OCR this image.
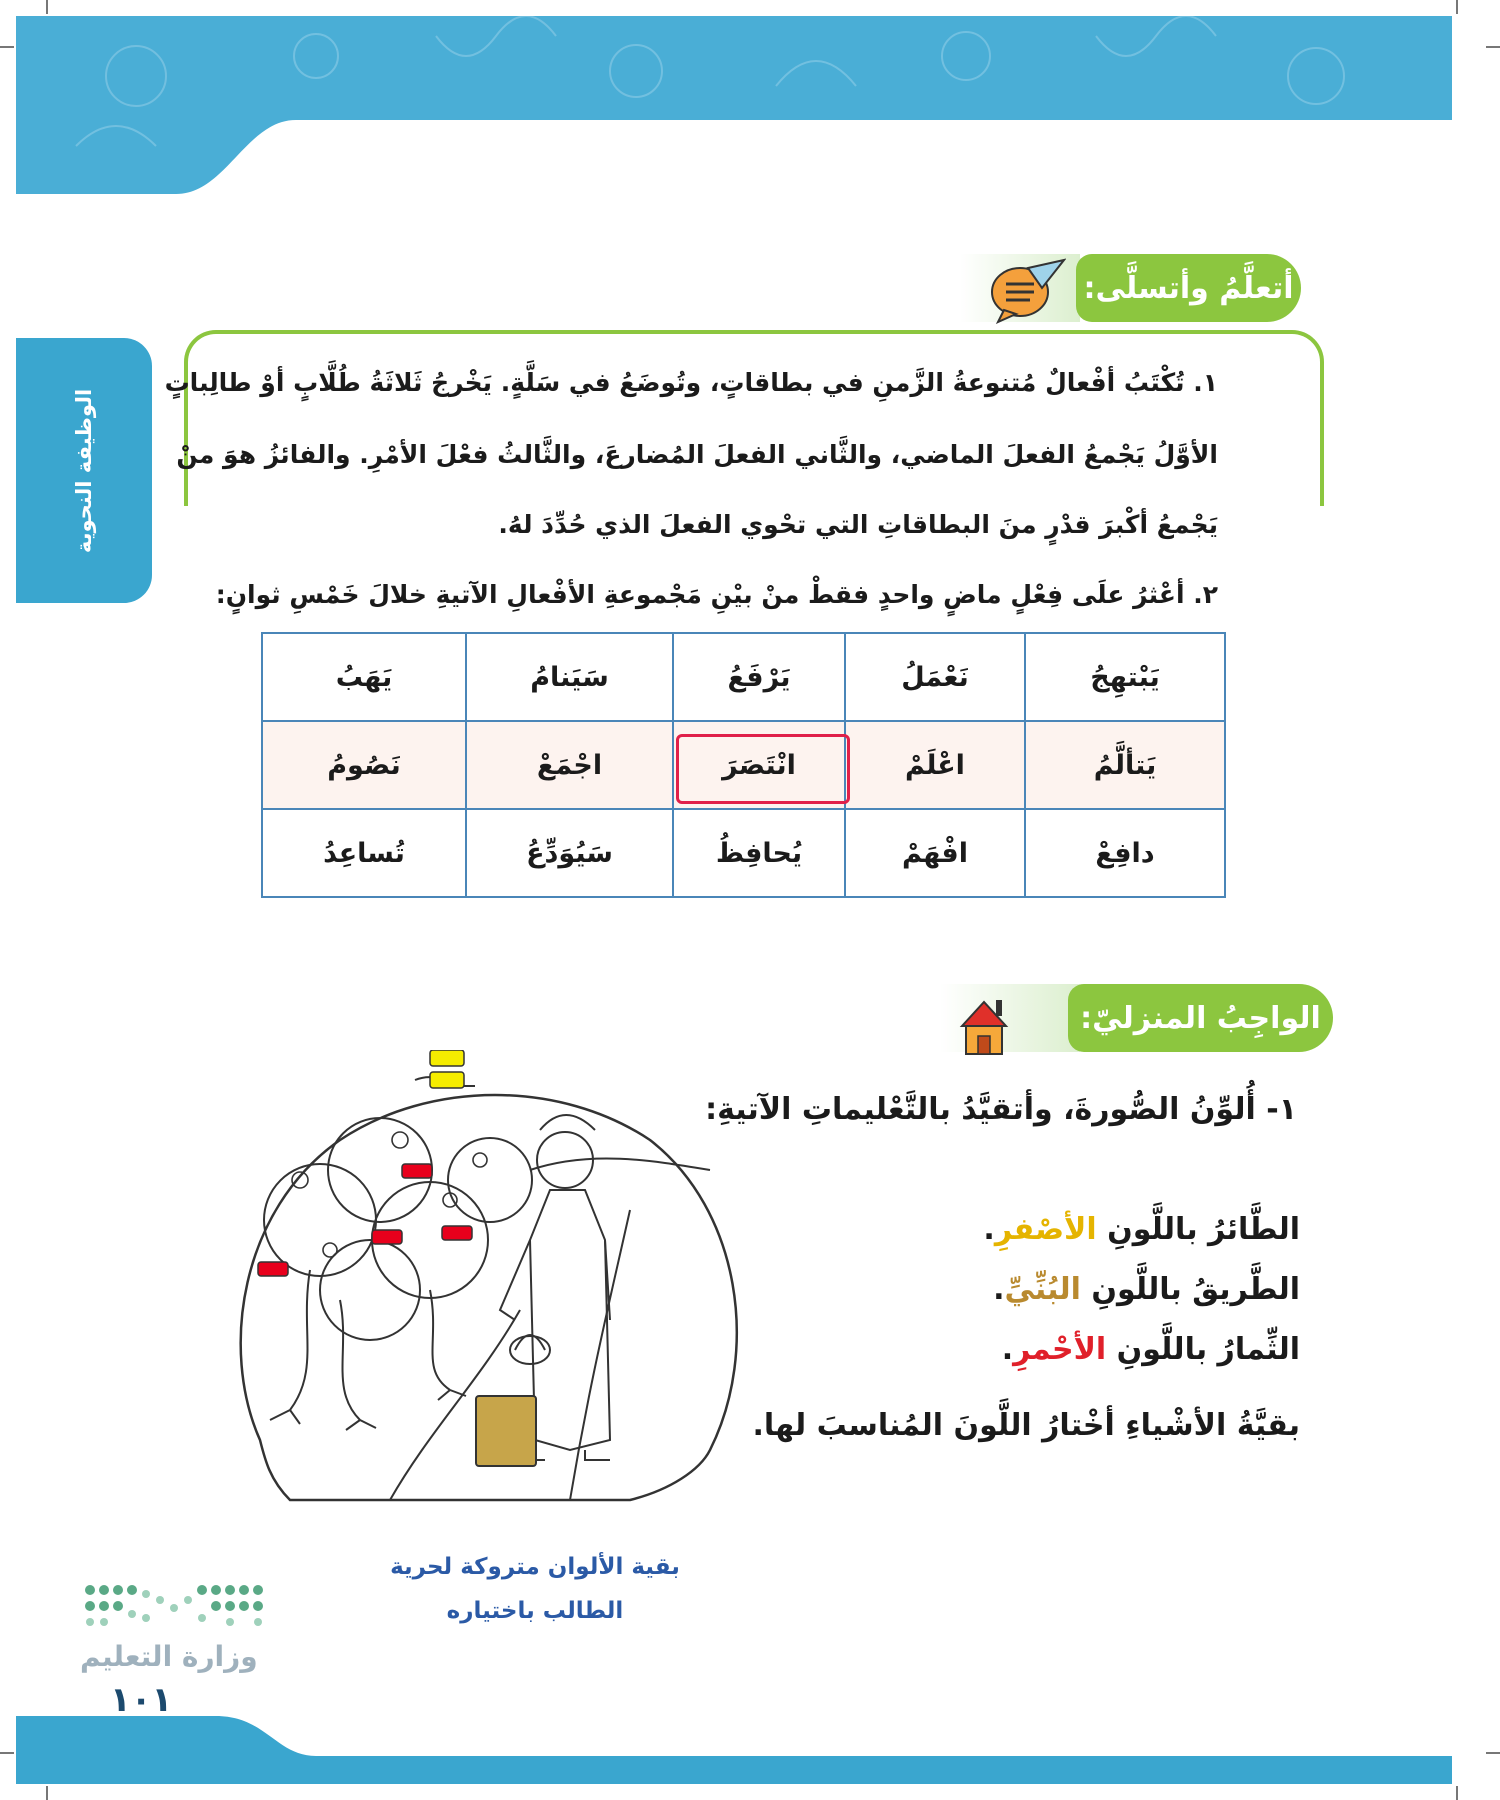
الوظيفة النحوية
أتعلَّمُ وأتسلَّى:
١. تُكْتَبُ أفْعالٌ مُتنوعةُ الزَّمنِ في بطاقاتٍ، وتُوضَعُ في سَلَّةٍ. يَخْرجُ ثَلاثَةُ طُلَّابٍ أوْ طالِباتٍ
الأوَّلُ يَجْمعُ الفعلَ الماضي، والثَّاني الفعلَ المُضارعَ، والثَّالثُ فعْلَ الأمْرِ. والفائزُ هوَ منْ
يَجْمعُ أكْبرَ قدْرٍ منَ البطاقاتِ التي تحْوي الفعلَ الذي حُدِّدَ لهُ.
٢. أعْثرُ علَى فِعْلٍ ماضٍ واحدٍ فقطْ منْ بيْنِ مَجْموعةِ الأفْعالِ الآتيةِ خلالَ خَمْسِ ثوانٍ:
يَبْتهِجُ	نَعْمَلُ	يَرْفَعُ	سَيَنامُ	يَهَبُ
يَتألَّمُ	اعْلَمْ	انْتَصَرَ	اجْمَعْ	نَصُومُ
دافِعْ	افْهَمْ	يُحافِظُ	سَيُوَدِّعُ	تُساعِدُ
الواجِبُ المنزليّ:
١- أُلوِّنُ الصُّورةَ، وأتقيَّدُ بالتَّعْليماتِ الآتيةِ:
الطَّائرُ باللَّونِ الأصْفرِ.
الطَّريقُ باللَّونِ البُنِّيِّ.
الثِّمارُ باللَّونِ الأحْمرِ.
بقيَّةُ الأشْياءِ أخْتارُ اللَّونَ المُناسبَ لها.
بقية الألوان متروكة لحرية
الطالب باختياره
وزارة التعليم
١٠١
